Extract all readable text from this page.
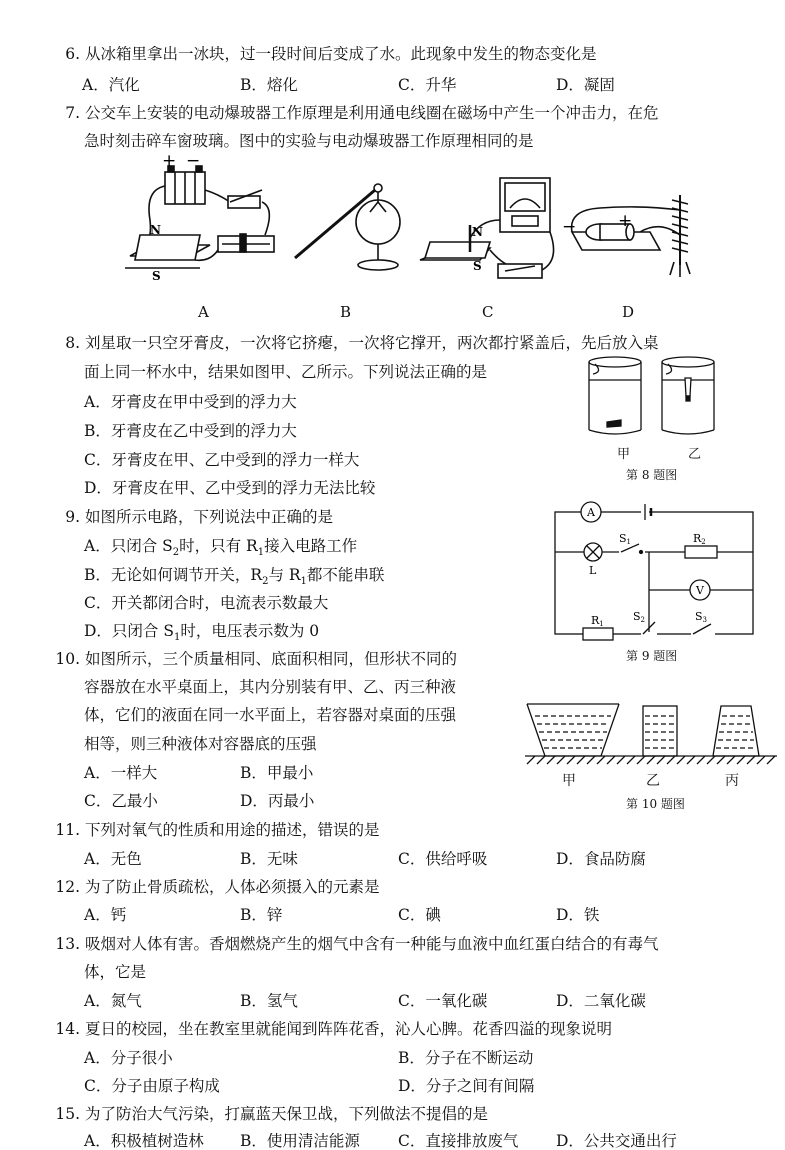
6. 从冰箱里拿出一冰块，过一段时间后变成了水。此现象中发生的物态变化是
A．汽化	B．熔化	C．升华	D．凝固
7. 公交车上安装的电动爆玻器工作原理是利用通电线圈在磁场中产生一个冲击力，在危
急时刻击碎车窗玻璃。图中的实验与电动爆玻器工作原理相同的是
+ −
N
S
N
S
− +
A	B	C	D
8. 刘星取一只空牙膏皮，一次将它挤瘪，一次将它撑开，两次都拧紧盖后，先后放入桌
面上同一杯水中，结果如图甲、乙所示。下列说法正确的是
A．牙膏皮在甲中受到的浮力大
B．牙膏皮在乙中受到的浮力大
C．牙膏皮在甲、乙中受到的浮力一样大
D．牙膏皮在甲、乙中受到的浮力无法比较
甲	乙
第 8 题图
9. 如图所示电路，下列说法中正确的是
A．只闭合 $S_2$时，只有 $R_1$接入电路工作
B．无论如何调节开关，$R_2$与 $R_1$都不能串联
C．开关都闭合时，电流表示数最大
D．只闭合 $S_1$时，电压表示数为 0
A
V
S1	R2
L
R1
S2	S3
第 9 题图
10. 如图所示，三个质量相同、底面积相同，但形状不同的
容器放在水平桌面上，其内分别装有甲、乙、丙三种液
体，它们的液面在同一水平面上，若容器对桌面的压强
相等，则三种液体对容器底的压强
A．一样大	B．甲最小
C．乙最小	D．丙最小
甲	乙	丙
第 10 题图
11. 下列对氧气的性质和用途的描述，错误的是
A．无色	B．无味	C．供给呼吸	D．食品防腐
12. 为了防止骨质疏松，人体必须摄入的元素是
A．钙	B．锌	C．碘	D．铁
13. 吸烟对人体有害。香烟燃烧产生的烟气中含有一种能与血液中血红蛋白结合的有毒气
体，它是
A．氮气	B．氢气	C．一氧化碳	D．二氧化碳
14. 夏日的校园，坐在教室里就能闻到阵阵花香，沁人心脾。花香四溢的现象说明
A．分子很小	B．分子在不断运动
C．分子由原子构成	D．分子之间有间隔
15. 为了防治大气污染，打赢蓝天保卫战，下列做法不提倡的是
A．积极植树造林 B．使用清洁能源 C．直接排放废气 D．公共交通出行
